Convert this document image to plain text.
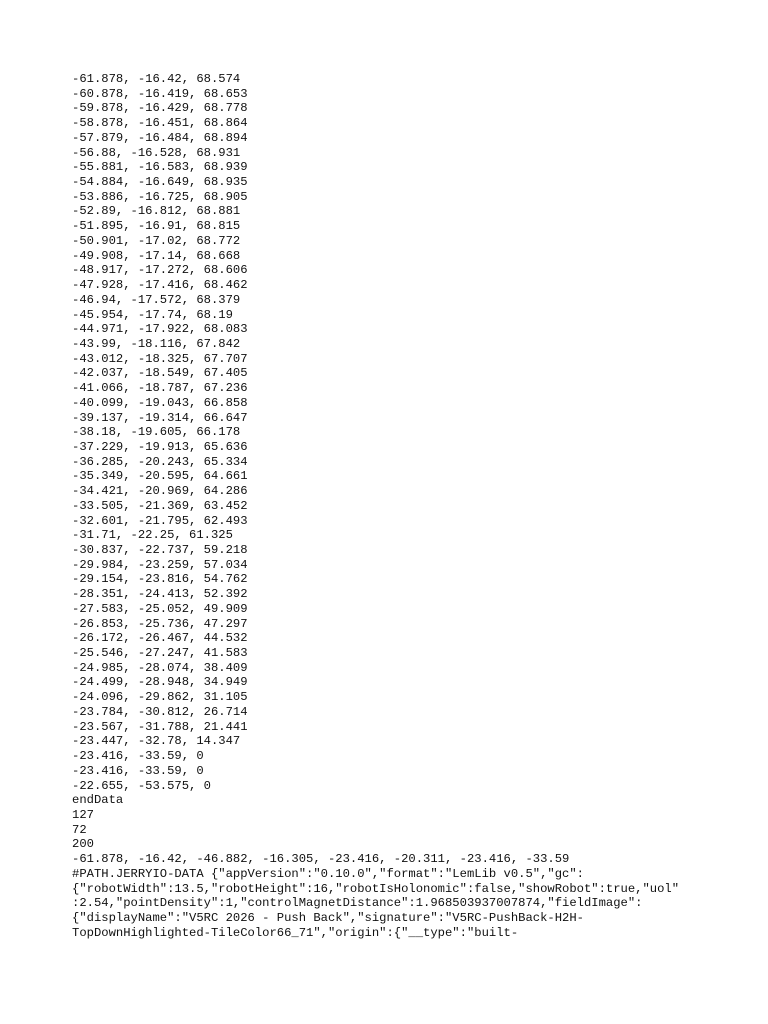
-61.878, -16.42, 68.574
-60.878, -16.419, 68.653
-59.878, -16.429, 68.778
-58.878, -16.451, 68.864
-57.879, -16.484, 68.894
-56.88, -16.528, 68.931
-55.881, -16.583, 68.939
-54.884, -16.649, 68.935
-53.886, -16.725, 68.905
-52.89, -16.812, 68.881
-51.895, -16.91, 68.815
-50.901, -17.02, 68.772
-49.908, -17.14, 68.668
-48.917, -17.272, 68.606
-47.928, -17.416, 68.462
-46.94, -17.572, 68.379
-45.954, -17.74, 68.19
-44.971, -17.922, 68.083
-43.99, -18.116, 67.842
-43.012, -18.325, 67.707
-42.037, -18.549, 67.405
-41.066, -18.787, 67.236
-40.099, -19.043, 66.858
-39.137, -19.314, 66.647
-38.18, -19.605, 66.178
-37.229, -19.913, 65.636
-36.285, -20.243, 65.334
-35.349, -20.595, 64.661
-34.421, -20.969, 64.286
-33.505, -21.369, 63.452
-32.601, -21.795, 62.493
-31.71, -22.25, 61.325
-30.837, -22.737, 59.218
-29.984, -23.259, 57.034
-29.154, -23.816, 54.762
-28.351, -24.413, 52.392
-27.583, -25.052, 49.909
-26.853, -25.736, 47.297
-26.172, -26.467, 44.532
-25.546, -27.247, 41.583
-24.985, -28.074, 38.409
-24.499, -28.948, 34.949
-24.096, -29.862, 31.105
-23.784, -30.812, 26.714
-23.567, -31.788, 21.441
-23.447, -32.78, 14.347
-23.416, -33.59, 0
-23.416, -33.59, 0
-22.655, -53.575, 0
endData
127
72
200
-61.878, -16.42, -46.882, -16.305, -23.416, -20.311, -23.416, -33.59
#PATH.JERRYIO-DATA {"appVersion":"0.10.0","format":"LemLib v0.5","gc":
{"robotWidth":13.5,"robotHeight":16,"robotIsHolonomic":false,"showRobot":true,"uol"
:2.54,"pointDensity":1,"controlMagnetDistance":1.968503937007874,"fieldImage":
{"displayName":"V5RC 2026 - Push Back","signature":"V5RC-PushBack-H2H-
TopDownHighlighted-TileColor66_71","origin":{"__type":"built-
